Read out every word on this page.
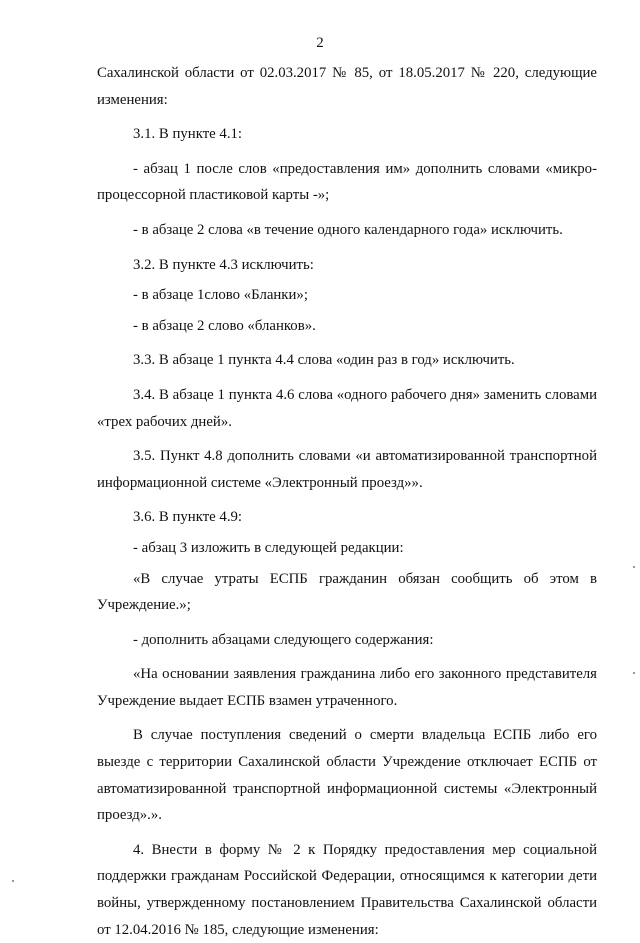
2

Сахалинской области от 02.03.2017 № 85, от 18.05.2017 № 220, следующие изменения:

3.1. В пункте 4.1:

- абзац 1 после слов «предоставления им» дополнить словами «микро-процессорной пластиковой карты -»;

- в абзаце 2 слова «в течение одного календарного года» исключить.

3.2. В пункте 4.3 исключить:

- в абзаце 1слово «Бланки»;

- в абзаце 2 слово «бланков».

3.3. В абзаце 1 пункта 4.4 слова «один раз в год» исключить.

3.4. В абзаце 1 пункта 4.6 слова «одного рабочего дня» заменить словами «трех рабочих дней».

3.5. Пункт 4.8 дополнить словами «и автоматизированной транспортной информационной системе «Электронный проезд»».

3.6. В пункте 4.9:

- абзац 3 изложить в следующей редакции:

«В случае утраты ЕСПБ гражданин обязан сообщить об этом в Учреждение.»;

- дополнить абзацами следующего содержания:

«На основании заявления гражданина либо его законного представителя Учреждение выдает ЕСПБ взамен утраченного.

В случае поступления сведений о смерти владельца ЕСПБ либо его выезде с территории Сахалинской области Учреждение отключает ЕСПБ от автоматизированной транспортной информационной системы «Электронный проезд».».

4. Внести в форму № 2 к Порядку предоставления мер социальной поддержки гражданам Российской Федерации, относящимся к категории дети войны, утвержденному постановлением Правительства Сахалинской области от 12.04.2016 № 185, следующие изменения:
